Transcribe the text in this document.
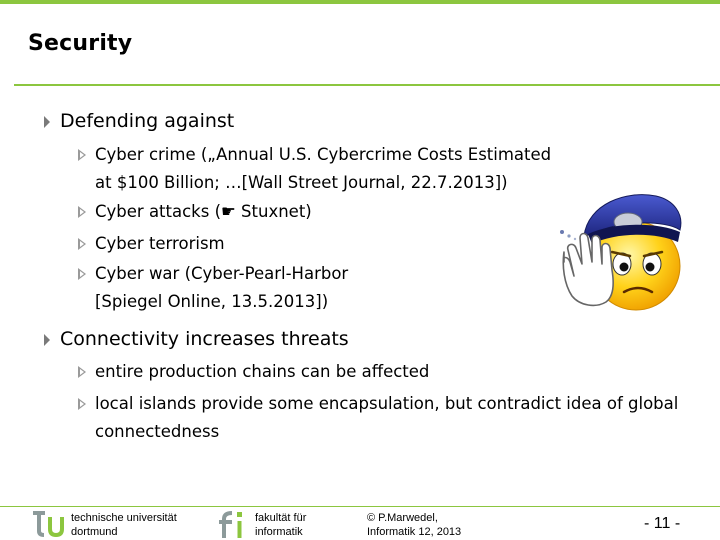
Security
Defending against
Cyber crime („Annual U.S. Cybercrime Costs Estimated
at $100 Billion; …[Wall Street Journal, 22.7.2013])
Cyber attacks (☛ Stuxnet)
Cyber terrorism
Cyber war (Cyber-Pearl-Harbor
[Spiegel Online, 13.5.2013])
Connectivity increases threats
entire production chains can be affected
local islands provide some encapsulation, but contradict idea of global
connectedness
technische universität
dortmund
fakultät für
informatik
© P.Marwedel,
Informatik 12, 2013	- 11 -
